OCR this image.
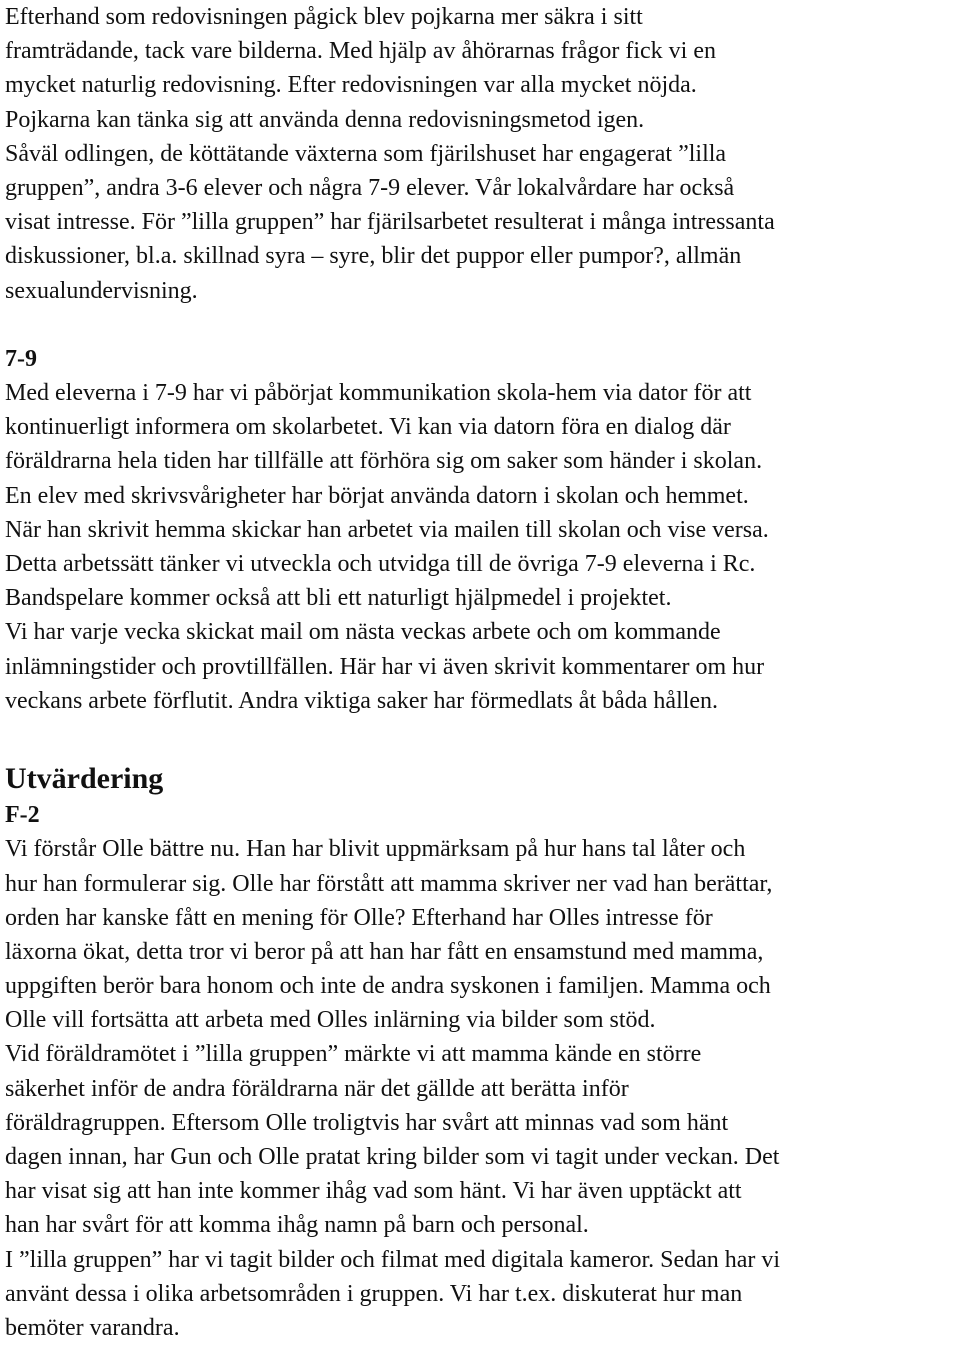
Efterhand som redovisningen pågick blev pojkarna mer säkra i sitt
framträdande, tack vare bilderna. Med hjälp av åhörarnas frågor fick vi en
mycket naturlig redovisning. Efter redovisningen var alla mycket nöjda.
Pojkarna kan tänka sig att använda denna redovisningsmetod igen.
Såväl odlingen, de köttätande växterna som fjärilshuset har engagerat ”lilla
gruppen”, andra 3-6 elever och några 7-9 elever. Vår lokalvårdare har också
visat intresse. För ”lilla gruppen” har fjärilsarbetet resulterat i många intressanta
diskussioner, bl.a. skillnad syra – syre, blir det puppor eller pumpor?, allmän
sexualundervisning.
7-9
Med eleverna i 7-9 har vi påbörjat kommunikation skola-hem via dator för att
kontinuerligt informera om skolarbetet. Vi kan via datorn föra en dialog där
föräldrarna hela tiden har tillfälle att förhöra sig om saker som händer i skolan.
En elev med skrivsvårigheter har börjat använda datorn i skolan och hemmet.
När han skrivit hemma skickar han arbetet via mailen till skolan och vise versa.
Detta arbetssätt tänker vi utveckla och utvidga till de övriga 7-9 eleverna i Rc.
Bandspelare kommer också att bli ett naturligt hjälpmedel i projektet.
Vi har varje vecka skickat mail om nästa veckas arbete och om kommande
inlämningstider och provtillfällen. Här har vi även skrivit kommentarer om hur
veckans arbete förflutit. Andra viktiga saker har förmedlats åt båda hållen.
Utvärdering
F-2
Vi förstår Olle bättre nu. Han har blivit uppmärksam på hur hans tal låter och
hur han formulerar sig. Olle har förstått att mamma skriver ner vad han berättar,
orden har kanske fått en mening för Olle? Efterhand har Olles intresse för
läxorna ökat, detta tror vi beror på att han har fått en ensamstund med mamma,
uppgiften berör bara honom och inte de andra syskonen i familjen. Mamma och
Olle vill fortsätta att arbeta med Olles inlärning via bilder som stöd.
Vid föräldramötet i ”lilla gruppen” märkte vi att mamma kände en större
säkerhet inför de andra föräldrarna när det gällde att berätta inför
föräldragruppen. Eftersom Olle troligtvis har svårt att minnas vad som hänt
dagen innan, har Gun och Olle pratat kring bilder som vi tagit under veckan. Det
har visat sig att han inte kommer ihåg vad som hänt. Vi har även upptäckt att
han har svårt för att komma ihåg namn på barn och personal.
I ”lilla gruppen” har vi tagit bilder och filmat med digitala kameror. Sedan har vi
använt dessa i olika arbetsområden i gruppen. Vi har t.ex. diskuterat hur man
bemöter varandra.
